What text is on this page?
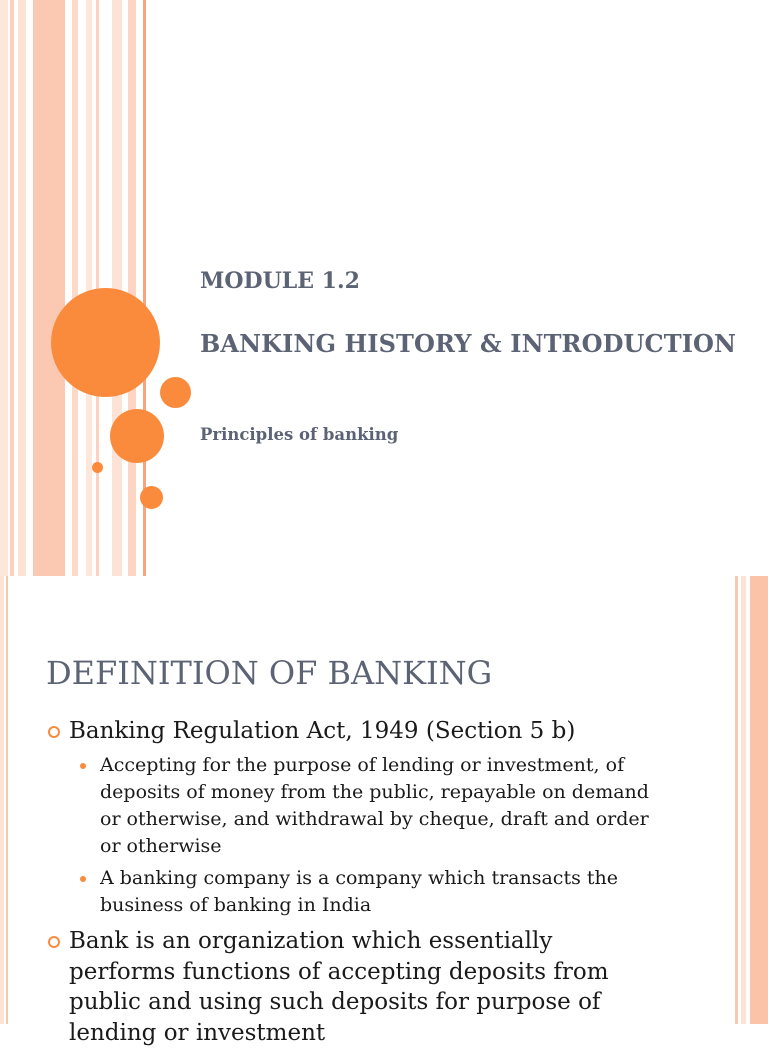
MODULE 1.2
BANKING HISTORY & INTRODUCTION
Principles of banking
DEFINITION OF BANKING
Banking Regulation Act, 1949 (Section 5 b)
Accepting for the purpose of lending or investment, of deposits of money from the public, repayable on demand or otherwise, and withdrawal by cheque, draft and order or otherwise
A banking company is a company which transacts the business of banking in India
Bank is an organization which essentially performs functions of accepting deposits from public and using such deposits for purpose of lending or investment
